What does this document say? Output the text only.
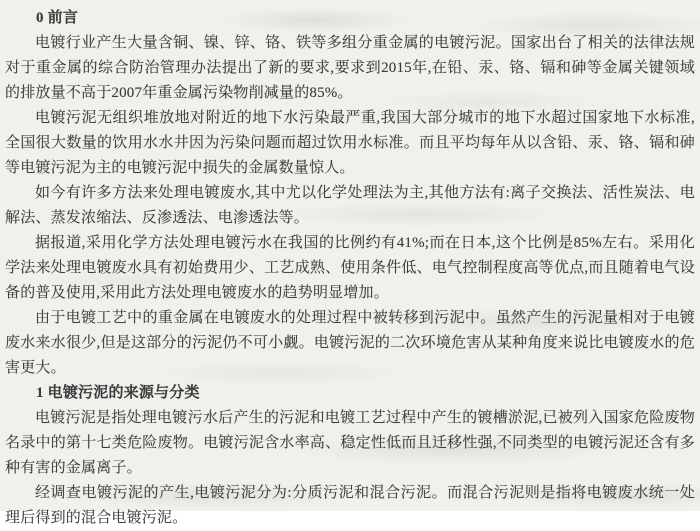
0 前言

电镀行业产生大量含铜、镍、锌、铬、铁等多组分重金属的电镀污泥。国家出台了相关的法律法规对于重金属的综合防治管理办法提出了新的要求,要求到2015年,在铅、汞、铬、镉和砷等金属关键领域的排放量不高于2007年重金属污染物削减量的85%。

电镀污泥无组织堆放地对附近的地下水污染最严重,我国大部分城市的地下水超过国家地下水标准,全国很大数量的饮用水水井因为污染问题而超过饮用水标准。而且平均每年从以含铅、汞、铬、镉和砷等电镀污泥为主的电镀污泥中损失的金属数量惊人。

如今有许多方法来处理电镀废水,其中尤以化学处理法为主,其他方法有:离子交换法、活性炭法、电解法、蒸发浓缩法、反渗透法、电渗透法等。

据报道,采用化学方法处理电镀污水在我国的比例约有41%;而在日本,这个比例是85%左右。采用化学法来处理电镀废水具有初始费用少、工艺成熟、使用条件低、电气控制程度高等优点,而且随着电气设备的普及使用,采用此方法处理电镀废水的趋势明显增加。

由于电镀工艺中的重金属在电镀废水的处理过程中被转移到污泥中。虽然产生的污泥量相对于电镀废水来水很少,但是这部分的污泥仍不可小觑。电镀污泥的二次环境危害从某种角度来说比电镀废水的危害更大。

1 电镀污泥的来源与分类

电镀污泥是指处理电镀污水后产生的污泥和电镀工艺过程中产生的镀槽淤泥,已被列入国家危险废物名录中的第十七类危险废物。电镀污泥含水率高、稳定性低而且迁移性强,不同类型的电镀污泥还含有多种有害的金属离子。

经调查电镀污泥的产生,电镀污泥分为:分质污泥和混合污泥。而混合污泥则是指将电镀废水统一处理后得到的混合电镀污泥。
